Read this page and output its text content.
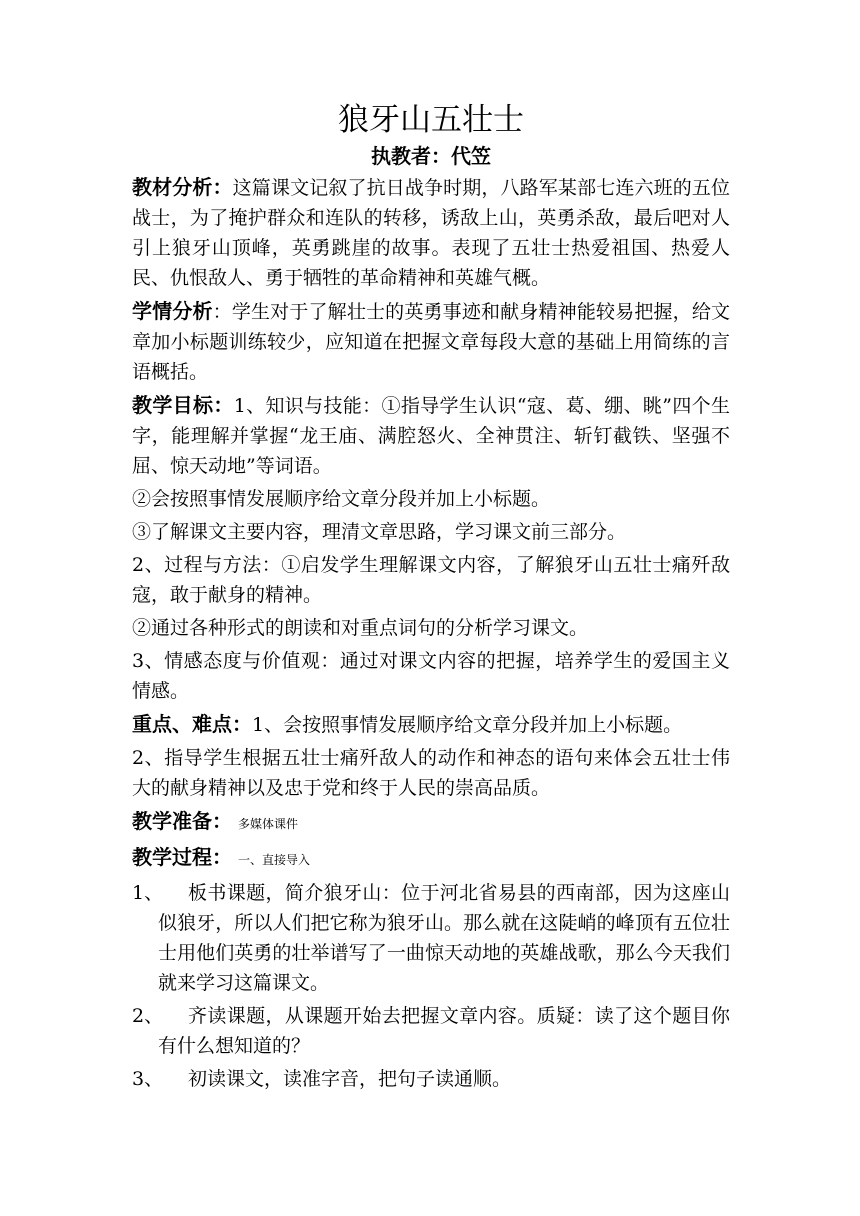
狼牙山五壮士
执教者：代笠

教材分析：这篇课文记叙了抗日战争时期，八路军某部七连六班的五位战士，为了掩护群众和连队的转移，诱敌上山，英勇杀敌，最后吧对人引上狼牙山顶峰，英勇跳崖的故事。表现了五壮士热爱祖国、热爱人民、仇恨敌人、勇于牺牲的革命精神和英雄气概。

学情分析：学生对于了解壮士的英勇事迹和献身精神能较易把握，给文章加小标题训练较少，应知道在把握文章每段大意的基础上用简练的言语概括。

教学目标：1、知识与技能：①指导学生认识“寇、葛、绷、眺”四个生字，能理解并掌握“龙王庙、满腔怒火、全神贯注、斩钉截铁、坚强不屈、惊天动地”等词语。

②会按照事情发展顺序给文章分段并加上小标题。

③了解课文主要内容，理清文章思路，学习课文前三部分。

2、过程与方法：①启发学生理解课文内容，了解狼牙山五壮士痛歼敌寇，敢于献身的精神。

②通过各种形式的朗读和对重点词句的分析学习课文。

3、情感态度与价值观：通过对课文内容的把握，培养学生的爱国主义情感。

重点、难点：1、会按照事情发展顺序给文章分段并加上小标题。

2、指导学生根据五壮士痛歼敌人的动作和神态的语句来体会五壮士伟大的献身精神以及忠于党和终于人民的崇高品质。

教学准备： 多媒体课件

教学过程： 一、直接导入

1、	板书课题，简介狼牙山：位于河北省易县的西南部，因为这座山似狼牙，所以人们把它称为狼牙山。那么就在这陡峭的峰顶有五位壮士用他们英勇的壮举谱写了一曲惊天动地的英雄战歌，那么今天我们就来学习这篇课文。
2、	齐读课题，从课题开始去把握文章内容。质疑：读了这个题目你有什么想知道的？
3、	初读课文，读准字音，把句子读通顺。
